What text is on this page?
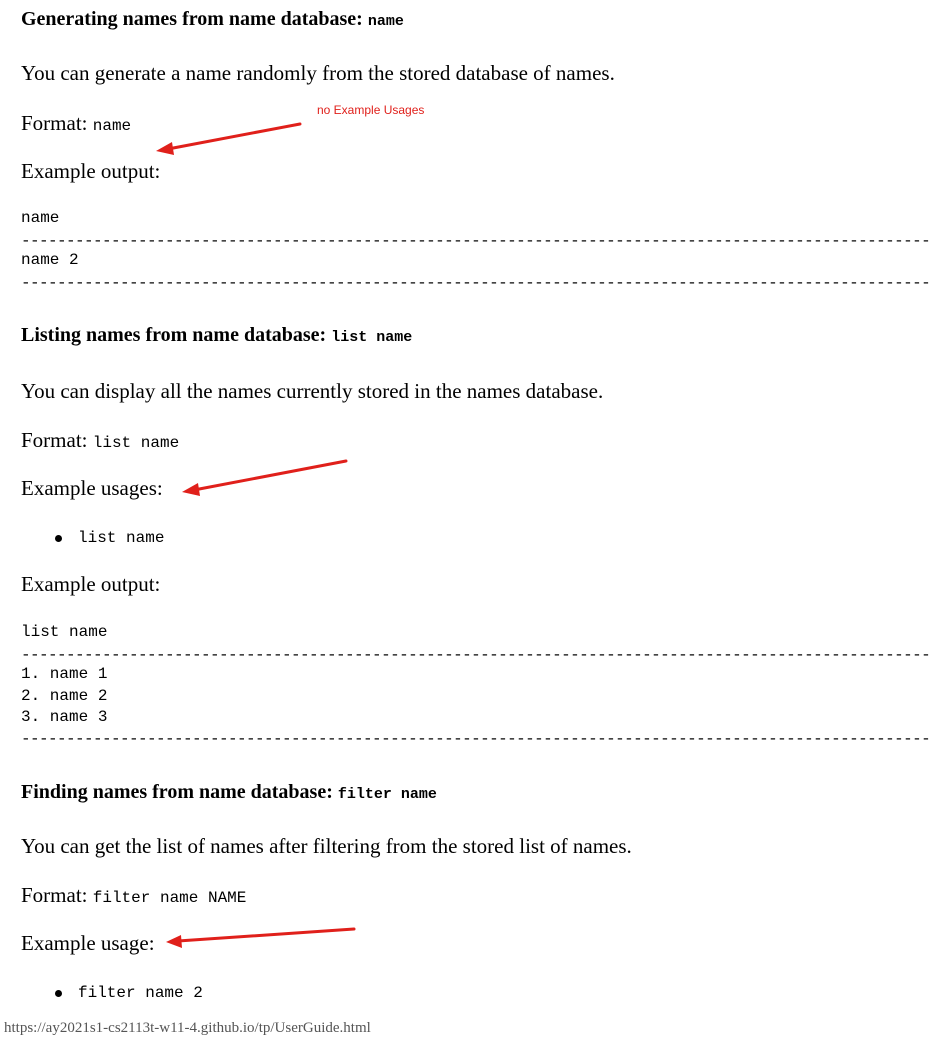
Generating names from name database: name
You can generate a name randomly from the stored database of names.
Format: name
Example output:
name
-----------------------------------------------------------------------------------------------------
name 2
-----------------------------------------------------------------------------------------------------
Listing names from name database: list name
You can display all the names currently stored in the names database.
Format: list name
Example usages:
list name
Example output:
list name
-----------------------------------------------------------------------------------------------------
1. name 1
2. name 2
3. name 3
-----------------------------------------------------------------------------------------------------
Finding names from name database: filter name
You can get the list of names after filtering from the stored list of names.
Format: filter name NAME
Example usage:
filter name 2
no Example Usages
https://ay2021s1-cs2113t-w11-4.github.io/tp/UserGuide.html
